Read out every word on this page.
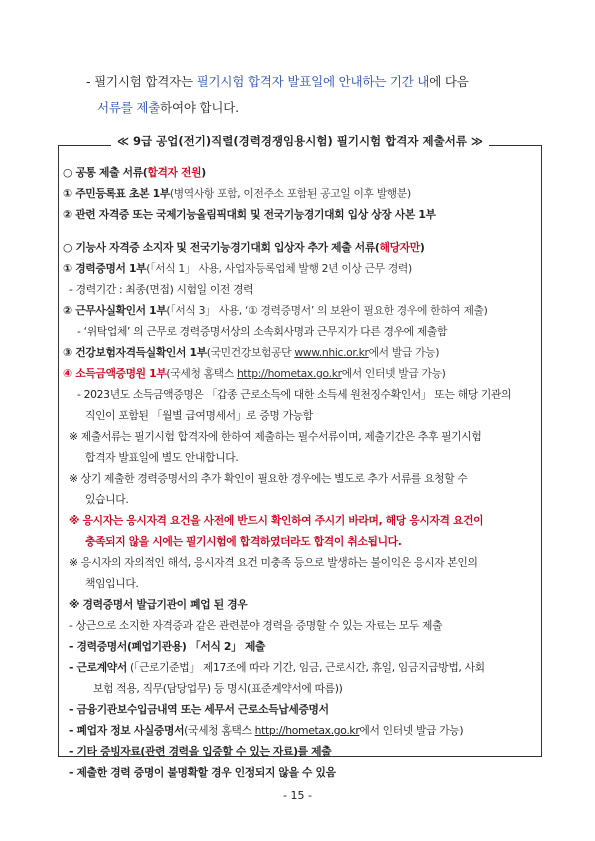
- 필기시험 합격자는 필기시험 합격자 발표일에 안내하는 기간 내에 다음
서류를 제출하여야 합니다.
≪ 9급 공업(전기)직렬(경력경쟁임용시험) 필기시험 합격자 제출서류 ≫
○ 공통 제출 서류(합격자 전원)
① 주민등록표 초본 1부(병역사항 포함, 이전주소 포함된 공고일 이후 발행분)
② 관련 자격증 또는 국제기능올림픽대회 및 전국기능경기대회 입상 상장 사본 1부
○ 기능사 자격증 소지자 및 전국기능경기대회 입상자 추가 제출 서류(해당자만)
① 경력증명서 1부(「서식 1」 사용, 사업자등록업체 발행 2년 이상 근무 경력)
- 경력기간 : 최종(면접) 시험일 이전 경력
② 근무사실확인서 1부(「서식 3」 사용, ‘① 경력증명서’ 의 보완이 필요한 경우에 한하여 제출)
- ‘위탁업체’ 의 근무로 경력증명서상의 소속회사명과 근무지가 다른 경우에 제출함
③ 건강보험자격득실확인서 1부(국민건강보험공단 www.nhic.or.kr에서 발급 가능)
④ 소득금액증명원 1부(국세청 홈택스 http://hometax.go.kr에서 인터넷 발급 가능)
- 2023년도 소득금액증명은 「갑종 근로소득에 대한 소득세 원천징수확인서」 또는 해당 기관의
직인이 포함된 「월별 급여명세서」로 증명 가능함
※ 제출서류는 필기시험 합격자에 한하여 제출하는 필수서류이며, 제출기간은 추후 필기시험
합격자 발표일에 별도 안내합니다.
※ 상기 제출한 경력증명서의 추가 확인이 필요한 경우에는 별도로 추가 서류를 요청할 수
있습니다.
※ 응시자는 응시자격 요건을 사전에 반드시 확인하여 주시기 바라며, 해당 응시자격 요건이
충족되지 않을 시에는 필기시험에 합격하였더라도 합격이 취소됩니다.
※ 응시자의 자의적인 해석, 응시자격 요건 미충족 등으로 발생하는 불이익은 응시자 본인의
책임입니다.
※ 경력증명서 발급기관이 폐업 된 경우
- 상근으로 소지한 자격증과 같은 관련분야 경력을 증명할 수 있는 자료는 모두 제출
- 경력증명서(폐업기관용) 「서식 2」 제출
- 근로계약서 (「근로기준법」 제17조에 따라 기간, 임금, 근로시간, 휴일, 임금지급방법, 사회
보험 적용, 직무(담당업무) 등 명시(표준계약서에 따름))
- 금융기관보수입금내역 또는 세무서 근로소득납세증명서
- 폐업자 정보 사실증명서(국세청 홈택스 http://hometax.go.kr에서 인터넷 발급 가능)
- 기타 증빙자료(관련 경력을 입증할 수 있는 자료)를 제출
- 제출한 경력 증명이 불명확할 경우 인정되지 않을 수 있음
- 15 -
